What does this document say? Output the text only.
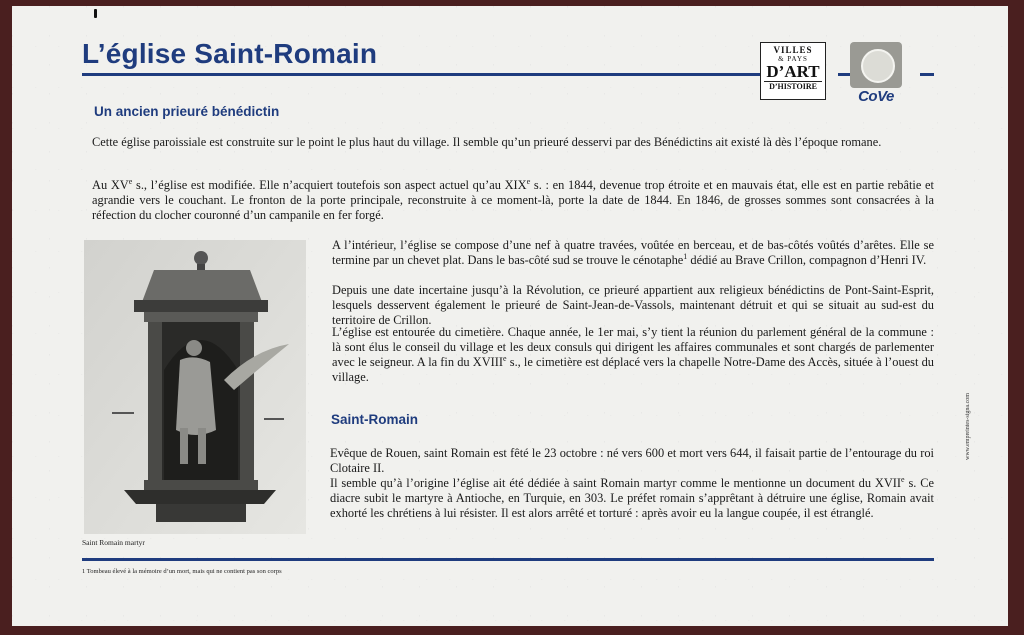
L’église Saint-Romain	VILLES
& PAYS
D’ART
D’HISTOIRE
CoVe
Un ancien prieuré bénédictin
Cette église paroissiale est construite sur le point le plus haut du village. Il semble qu’un prieuré desservi par des Bénédictins ait existé là dès l’époque romane.
Au XVe s., l’église est modifiée. Elle n’acquiert toutefois son aspect actuel qu’au XIXe s. : en 1844, devenue trop étroite et en mauvais état, elle est en partie rebâtie et agrandie vers le couchant. Le fronton de la porte principale, reconstruite à ce moment-là, porte la date de 1844. En 1846, de grosses sommes sont consacrées à la réfection du clocher couronné d’un campanile en fer forgé.
Saint Romain martyr
A l’intérieur, l’église se compose d’une nef à quatre travées, voûtée en berceau, et de bas-côtés voûtés d’arêtes. Elle se termine par un chevet plat. Dans le bas-côté sud se trouve le cénotaphe$^1$ dédié au Brave Crillon, compagnon d’Henri IV.
Depuis une date incertaine jusqu’à la Révolution, ce prieuré appartient aux religieux bénédictins de Pont-Saint-Esprit, lesquels desservent également le prieuré de Saint-Jean-de-Vassols, maintenant détruit et qui se situait au sud-est du territoire de Crillon.
L’église est entourée du cimetière. Chaque année, le 1er mai, s’y tient la réunion du parlement général de la commune : là sont élus le conseil du village et les deux consuls qui dirigent les affaires communales et sont chargés de parlementer avec le seigneur. A la fin du XVIIIe s., le cimetière est déplacé vers la chapelle Notre-Dame des Accès, située à l’ouest du village.
Saint-Romain
Evêque de Rouen, saint Romain est fêté le 23 octobre : né vers 600 et mort vers 644, il faisait partie de l’entourage du roi Clotaire II.
Il semble qu’à l’origine l’église ait été dédiée à saint Romain martyr comme le mentionne un document du XVIIe s. Ce diacre subit le martyre à Antioche, en Turquie, en 303. Le préfet romain s’apprêtant à détruire une église, Romain avait exhorté les chrétiens à lui résister. Il est alors arrêté et torturé : après avoir eu la langue coupée, il est étranglé.
1 Tombeau élevé à la mémoire d’un mort, mais qui ne contient pas son corps
www.empreintes-signa.com
